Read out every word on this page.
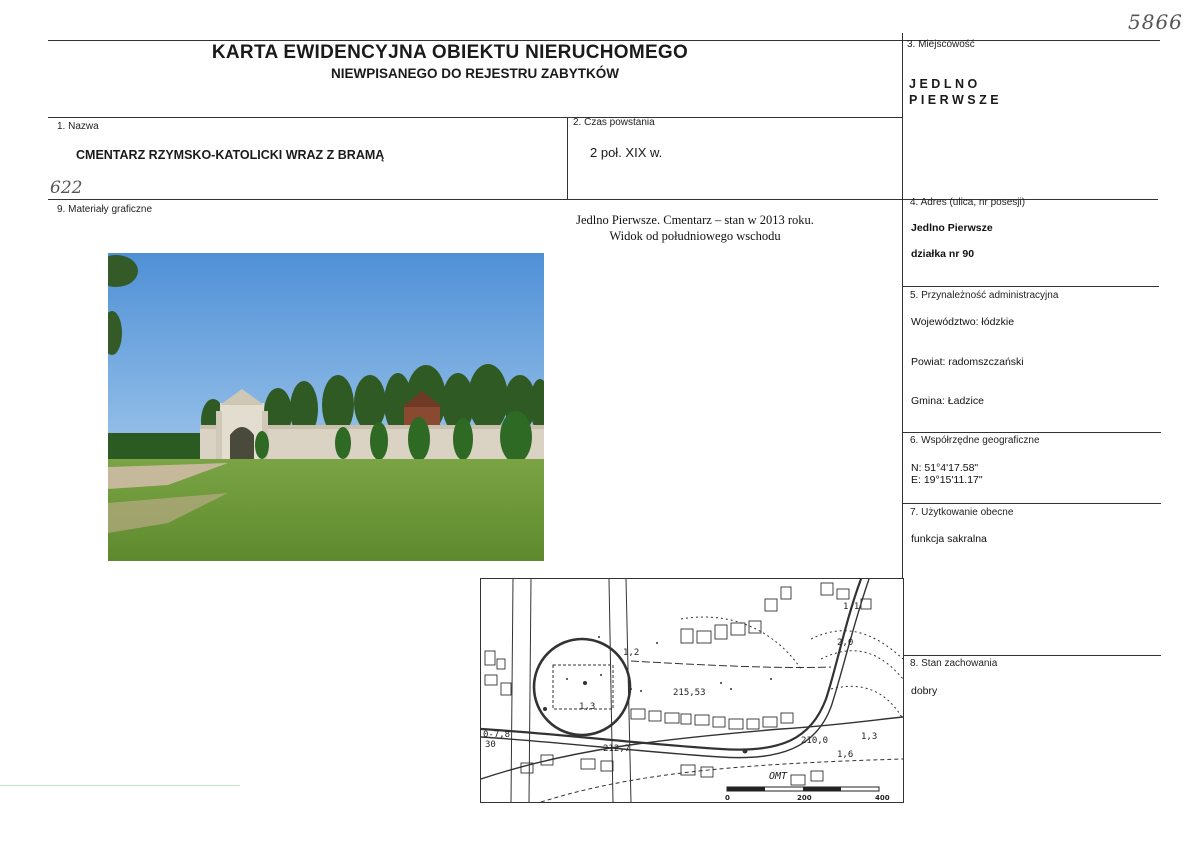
5866
KARTA EWIDENCYJNA OBIEKTU NIERUCHOMEGO
NIEWPISANEGO DO REJESTRU ZABYTKÓW
3. Miejscowość
JEDLNO
PIERWSZE
1. Nazwa
CMENTARZ RZYMSKO-KATOLICKI WRAZ Z BRAMĄ
2. Czas powstania
2 poł. XIX w.
622
9. Materiały graficzne
Jedlno Pierwsze. Cmentarz – stan w 2013 roku.
Widok od południowego wschodu
1,2
215,53
1,3
2,0
1,1
1,3
0-7,8
30	212,7
210,0
OMT
1,6
0	200	400
4. Adres (ulica, nr posesji)
Jedlno Pierwsze
działka nr 90
5. Przynależność administracyjna
Województwo: łódzkie
Powiat: radomszczański
Gmina: Ładzice
6. Współrzędne geograficzne
N: 51°4'17.58"
E: 19°15'11.17"
7. Użytkowanie obecne
funkcja sakralna
8. Stan zachowania
dobry
